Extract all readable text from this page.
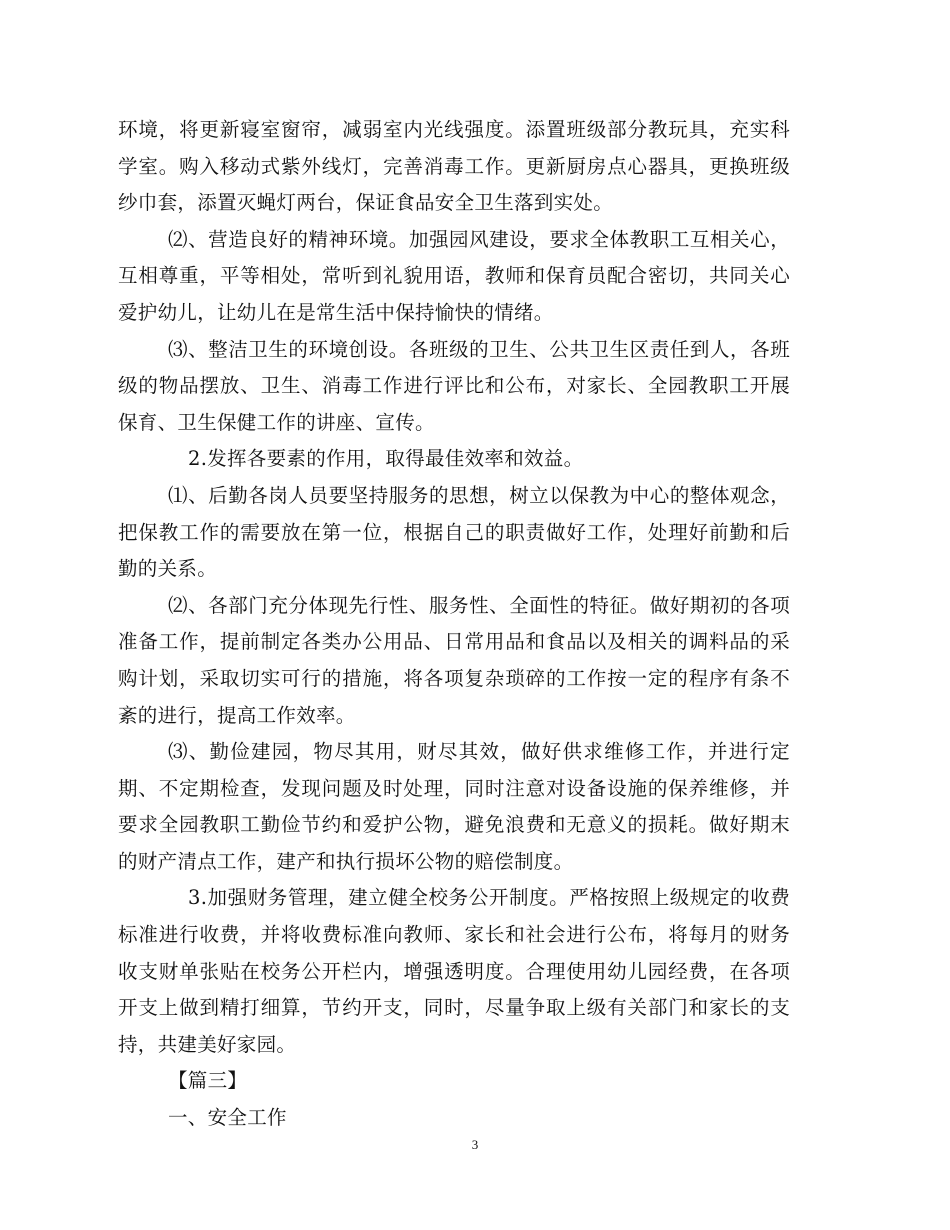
环境，将更新寝室窗帘，减弱室内光线强度。添置班级部分教玩具，充实科学室。购入移动式紫外线灯，完善消毒工作。更新厨房点心器具，更换班级纱巾套，添置灭蝇灯两台，保证食品安全卫生落到实处。

⑵、营造良好的精神环境。加强园风建设，要求全体教职工互相关心，互相尊重，平等相处，常听到礼貌用语，教师和保育员配合密切，共同关心爱护幼儿，让幼儿在是常生活中保持愉快的情绪。

⑶、整洁卫生的环境创设。各班级的卫生、公共卫生区责任到人，各班级的物品摆放、卫生、消毒工作进行评比和公布，对家长、全园教职工开展保育、卫生保健工作的讲座、宣传。

2.发挥各要素的作用，取得最佳效率和效益。

⑴、后勤各岗人员要坚持服务的思想，树立以保教为中心的整体观念，把保教工作的需要放在第一位，根据自己的职责做好工作，处理好前勤和后勤的关系。

⑵、各部门充分体现先行性、服务性、全面性的特征。做好期初的各项准备工作，提前制定各类办公用品、日常用品和食品以及相关的调料品的采购计划，采取切实可行的措施，将各项复杂琐碎的工作按一定的程序有条不紊的进行，提高工作效率。

⑶、勤俭建园，物尽其用，财尽其效，做好供求维修工作，并进行定期、不定期检查，发现问题及时处理，同时注意对设备设施的保养维修，并要求全园教职工勤俭节约和爱护公物，避免浪费和无意义的损耗。做好期末的财产清点工作，建产和执行损坏公物的赔偿制度。

3.加强财务管理，建立健全校务公开制度。严格按照上级规定的收费标准进行收费，并将收费标准向教师、家长和社会进行公布，将每月的财务收支财单张贴在校务公开栏内，增强透明度。合理使用幼儿园经费，在各项开支上做到精打细算，节约开支，同时，尽量争取上级有关部门和家长的支持，共建美好家园。

【篇三】

一、安全工作

3
